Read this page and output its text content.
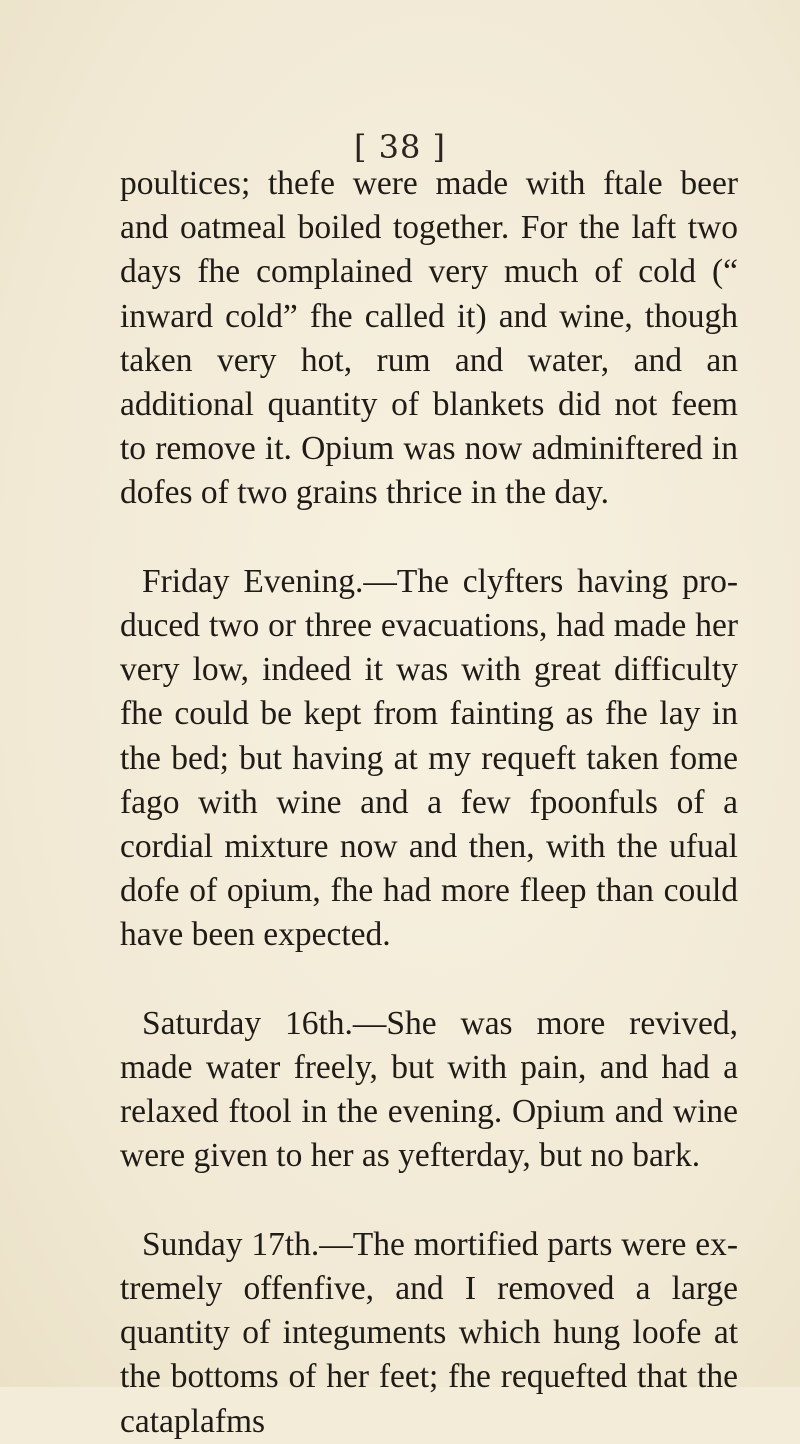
[ 38 ]

poultices; thefe were made with ftale beer and oatmeal boiled together. For the laft two days fhe complained very much of cold (“ inward cold” fhe called it) and wine, though taken very hot, rum and water, and an additional quantity of blankets did not feem to remove it. Opium was now adminiftered in dofes of two grains thrice in the day.

Friday Evening.—The clyfters having pro-duced two or three evacuations, had made her very low, indeed it was with great difficulty fhe could be kept from fainting as fhe lay in the bed; but having at my requeft taken fome fago with wine and a few fpoonfuls of a cordial mixture now and then, with the ufual dofe of opium, fhe had more fleep than could have been expected.

Saturday 16th.—She was more revived, made water freely, but with pain, and had a relaxed ftool in the evening. Opium and wine were given to her as yefterday, but no bark.

Sunday 17th.—The mortified parts were ex-tremely offenfive, and I removed a large quantity of integuments which hung loofe at the bottoms of her feet; fhe requefted that the cataplafms
